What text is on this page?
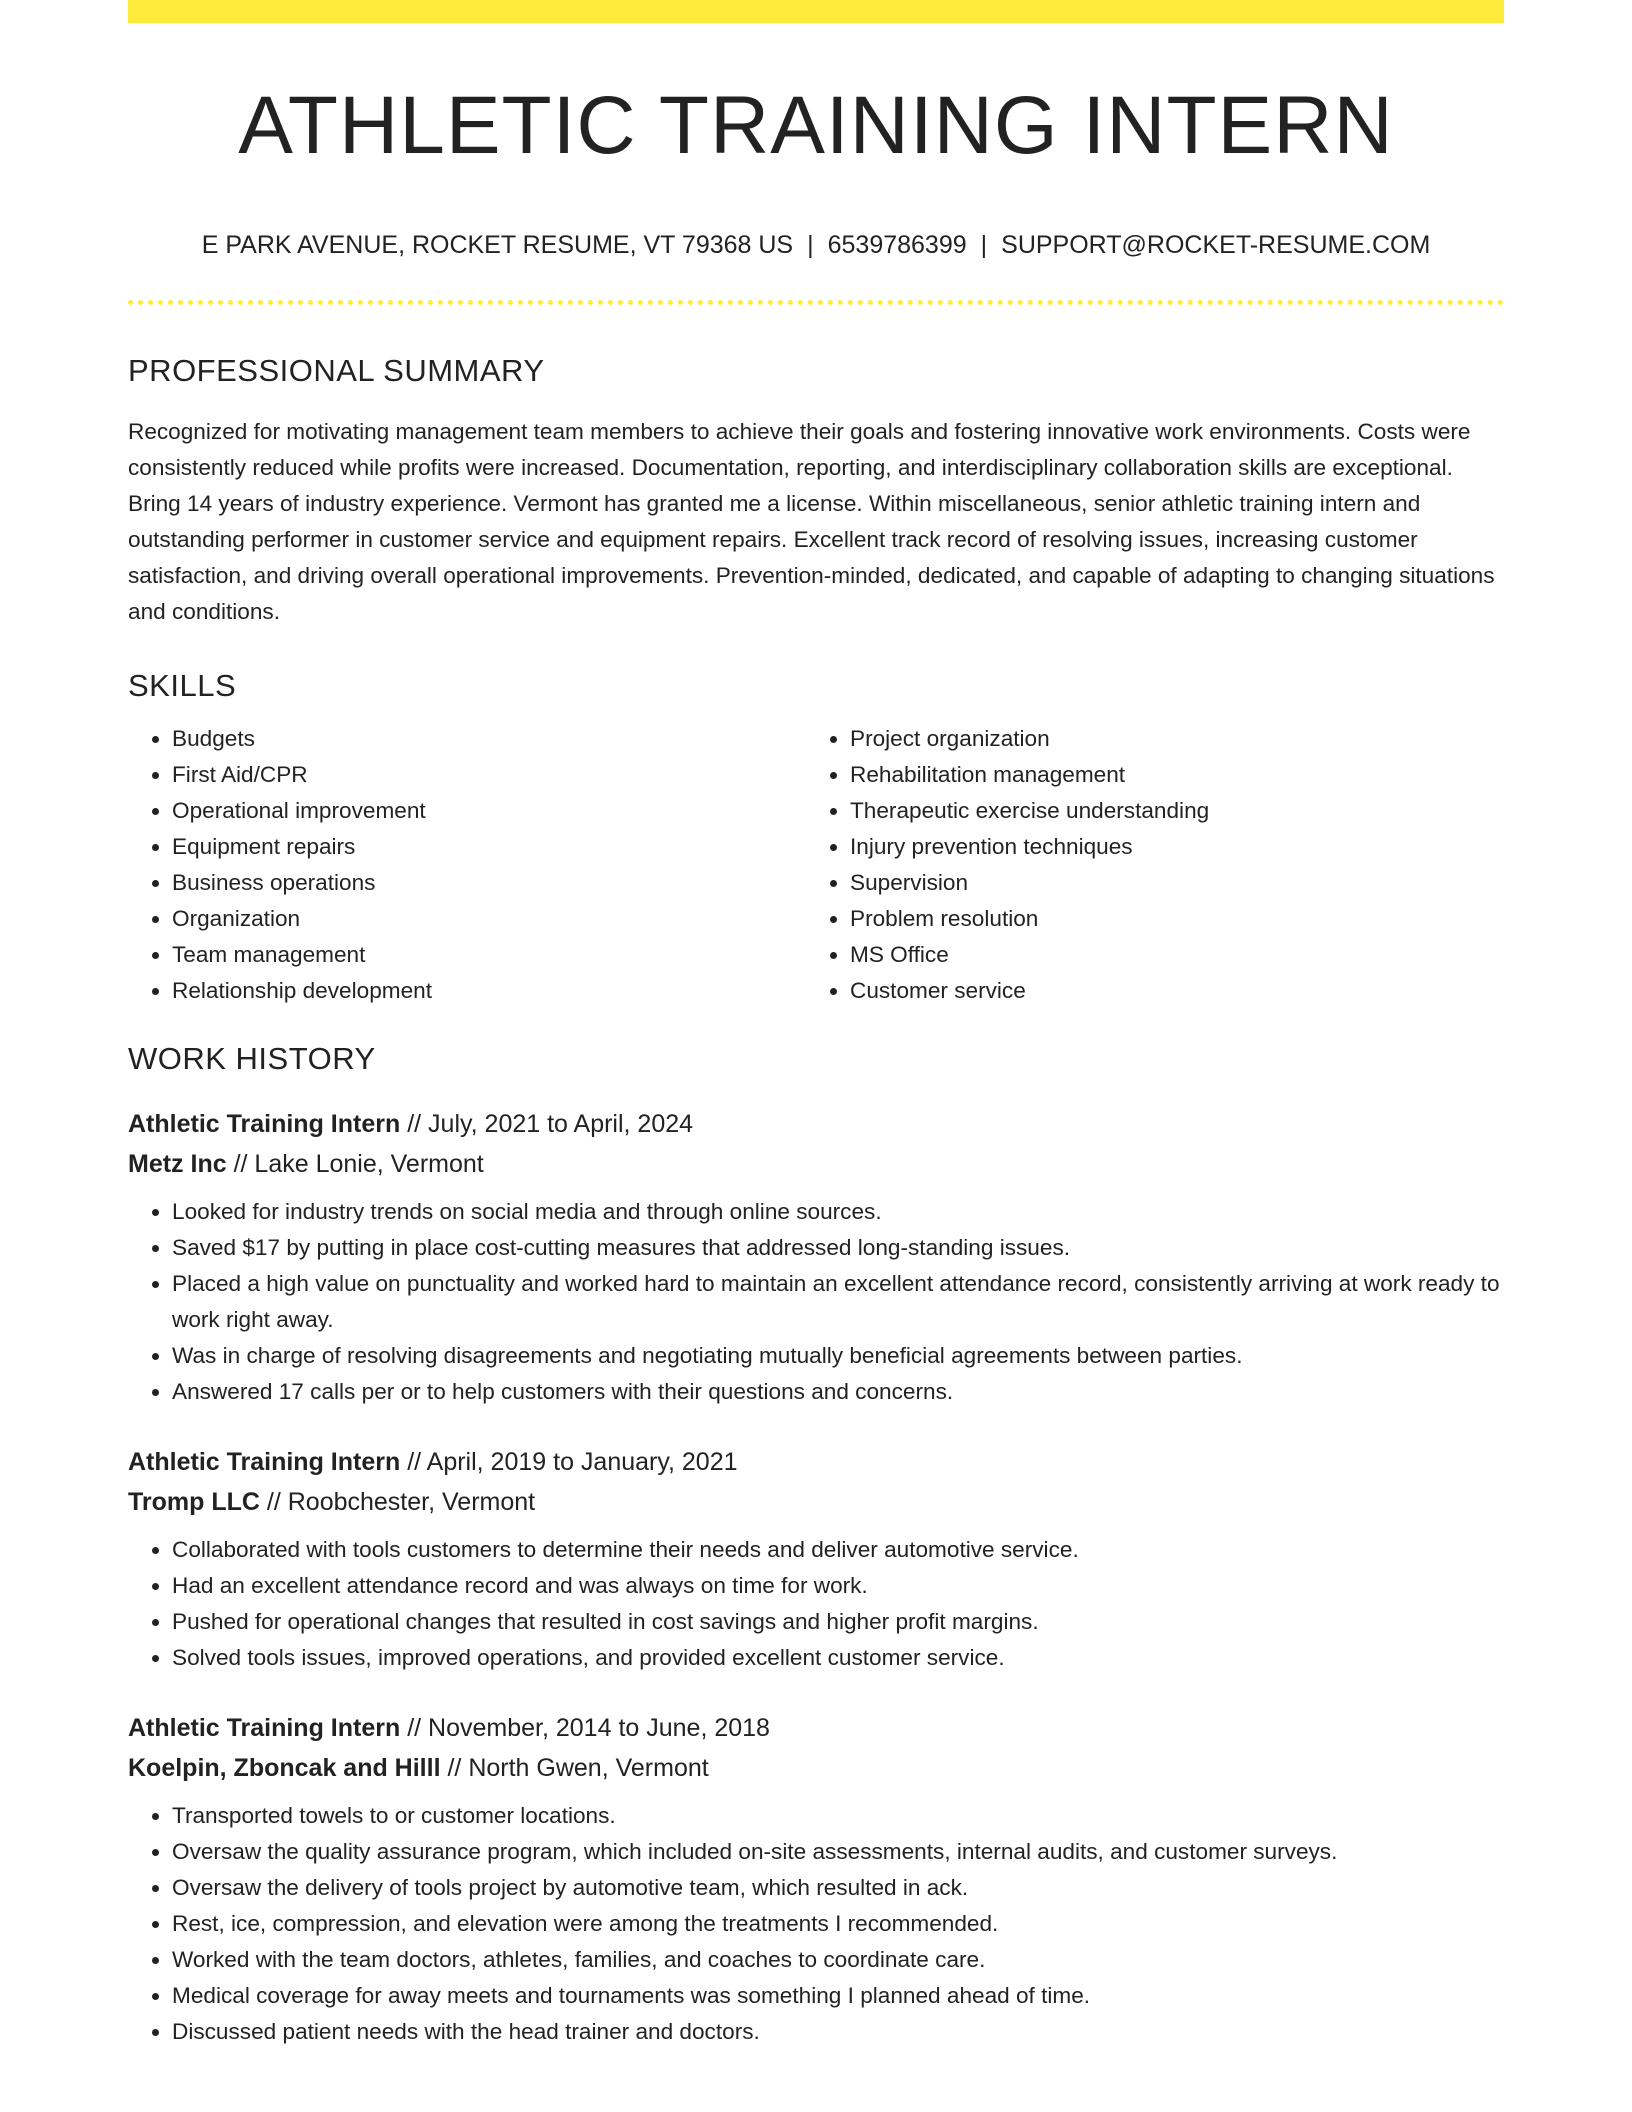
ATHLETIC TRAINING INTERN
E PARK AVENUE, ROCKET RESUME, VT 79368 US | 6539786399 | SUPPORT@ROCKET-RESUME.COM
PROFESSIONAL SUMMARY

Recognized for motivating management team members to achieve their goals and fostering innovative work environments. Costs were consistently reduced while profits were increased. Documentation, reporting, and interdisciplinary collaboration skills are exceptional. Bring 14 years of industry experience. Vermont has granted me a license. Within miscellaneous, senior athletic training intern and outstanding performer in customer service and equipment repairs. Excellent track record of resolving issues, increasing customer satisfaction, and driving overall operational improvements. Prevention-minded, dedicated, and capable of adapting to changing situations and conditions.

SKILLS
• Budgets
• First Aid/CPR
• Operational improvement
• Equipment repairs
• Business operations
• Organization
• Team management
• Relationship development
• Project organization
• Rehabilitation management
• Therapeutic exercise understanding
• Injury prevention techniques
• Supervision
• Problem resolution
• MS Office
• Customer service
WORK HISTORY
Athletic Training Intern // July, 2021 to April, 2024
Metz Inc // Lake Lonie, Vermont
• Looked for industry trends on social media and through online sources.
• Saved $17 by putting in place cost-cutting measures that addressed long-standing issues.
• Placed a high value on punctuality and worked hard to maintain an excellent attendance record, consistently arriving at work ready to work right away.
• Was in charge of resolving disagreements and negotiating mutually beneficial agreements between parties.
• Answered 17 calls per or to help customers with their questions and concerns.
Athletic Training Intern // April, 2019 to January, 2021
Tromp LLC // Roobchester, Vermont
• Collaborated with tools customers to determine their needs and deliver automotive service.
• Had an excellent attendance record and was always on time for work.
• Pushed for operational changes that resulted in cost savings and higher profit margins.
• Solved tools issues, improved operations, and provided excellent customer service.
Athletic Training Intern // November, 2014 to June, 2018
Koelpin, Zboncak and Hilll // North Gwen, Vermont
• Transported towels to or customer locations.
• Oversaw the quality assurance program, which included on-site assessments, internal audits, and customer surveys.
• Oversaw the delivery of tools project by automotive team, which resulted in ack.
• Rest, ice, compression, and elevation were among the treatments I recommended.
• Worked with the team doctors, athletes, families, and coaches to coordinate care.
• Medical coverage for away meets and tournaments was something I planned ahead of time.
• Discussed patient needs with the head trainer and doctors.
